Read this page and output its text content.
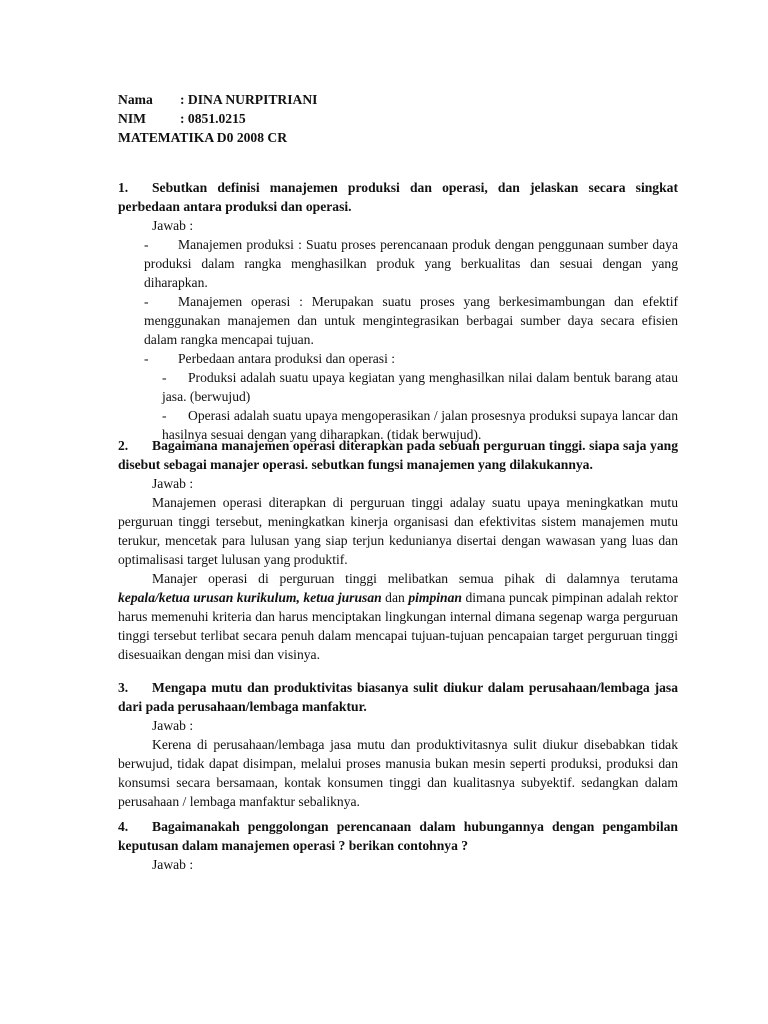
Nama : DINA NURPITRIANI
NIM	: 0851.0215
MATEMATIKA D0 2008 CR

1. Sebutkan definisi manajemen produksi dan operasi, dan jelaskan secara singkat perbedaan antara produksi dan operasi.

Jawab :

- Manajemen produksi : Suatu proses perencanaan produk dengan penggunaan sumber daya produksi dalam rangka menghasilkan produk yang berkualitas dan sesuai dengan yang diharapkan.

- Manajemen operasi : Merupakan suatu proses yang berkesimambungan dan efektif menggunakan manajemen dan untuk mengintegrasikan berbagai sumber daya secara efisien dalam rangka mencapai tujuan.

- Perbedaan antara produksi dan operasi :

- Produksi adalah suatu upaya kegiatan yang menghasilkan nilai dalam bentuk barang atau jasa. (berwujud)

- Operasi adalah suatu upaya mengoperasikan / jalan prosesnya produksi supaya lancar dan hasilnya sesuai dengan yang diharapkan. (tidak berwujud).

2. Bagaimana manajemen operasi diterapkan pada sebuah perguruan tinggi. siapa saja yang disebut sebagai manajer operasi. sebutkan fungsi manajemen yang dilakukannya.

Jawab :

Manajemen operasi diterapkan di perguruan tinggi adalay suatu upaya meningkatkan mutu perguruan tinggi tersebut, meningkatkan kinerja organisasi dan efektivitas sistem manajemen mutu terukur, mencetak para lulusan yang siap terjun kedunianya disertai dengan wawasan yang luas dan optimalisasi target lulusan yang produktif.

Manajer operasi di perguruan tinggi melibatkan semua pihak di dalamnya terutama kepala/ketua urusan kurikulum, ketua jurusan dan pimpinan dimana puncak pimpinan adalah rektor harus memenuhi kriteria dan harus menciptakan lingkungan internal dimana segenap warga perguruan tinggi tersebut terlibat secara penuh dalam mencapai tujuan-tujuan pencapaian target perguruan tinggi disesuaikan dengan misi dan visinya.

3. Mengapa mutu dan produktivitas biasanya sulit diukur dalam perusahaan/lembaga jasa dari pada perusahaan/lembaga manfaktur.

Jawab :

Kerena di perusahaan/lembaga jasa mutu dan produktivitasnya sulit diukur disebabkan tidak berwujud, tidak dapat disimpan, melalui proses manusia bukan mesin seperti produksi, produksi dan konsumsi secara bersamaan, kontak konsumen tinggi dan kualitasnya subyektif. sedangkan dalam perusahaan / lembaga manfaktur sebaliknya.

4. Bagaimanakah penggolongan perencanaan dalam hubungannya dengan pengambilan keputusan dalam manajemen operasi ? berikan contohnya ?

Jawab :
